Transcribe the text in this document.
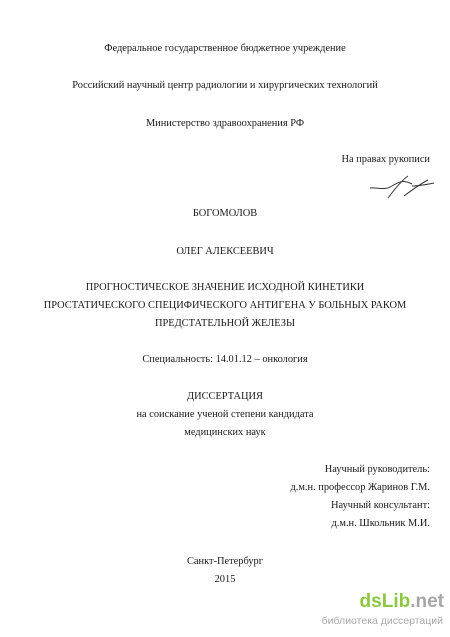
Федеральное государственное бюджетное учреждение
Российский научный центр радиологии и хирургических технологий
Министерство здравоохранения РФ
На правах рукописи
БОГОМОЛОВ
ОЛЕГ АЛЕКСЕЕВИЧ
ПРОГНОСТИЧЕСКОЕ ЗНАЧЕНИЕ ИСХОДНОЙ КИНЕТИКИ
ПРОСТАТИЧЕСКОГО СПЕЦИФИЧЕСКОГО АНТИГЕНА У БОЛЬНЫХ РАКОМ
ПРЕДСТАТЕЛЬНОЙ ЖЕЛЕЗЫ
Специальность: 14.01.12 – онкология
ДИССЕРТАЦИЯ
на соискание ученой степени кандидата
медицинских наук
Научный руководитель:
д.м.н. профессор Жаринов Г.М.
Научный консультант:
д.м.н. Школьник М.И.
Санкт-Петербург
2015
dsLib.net
библиотека диссертаций
